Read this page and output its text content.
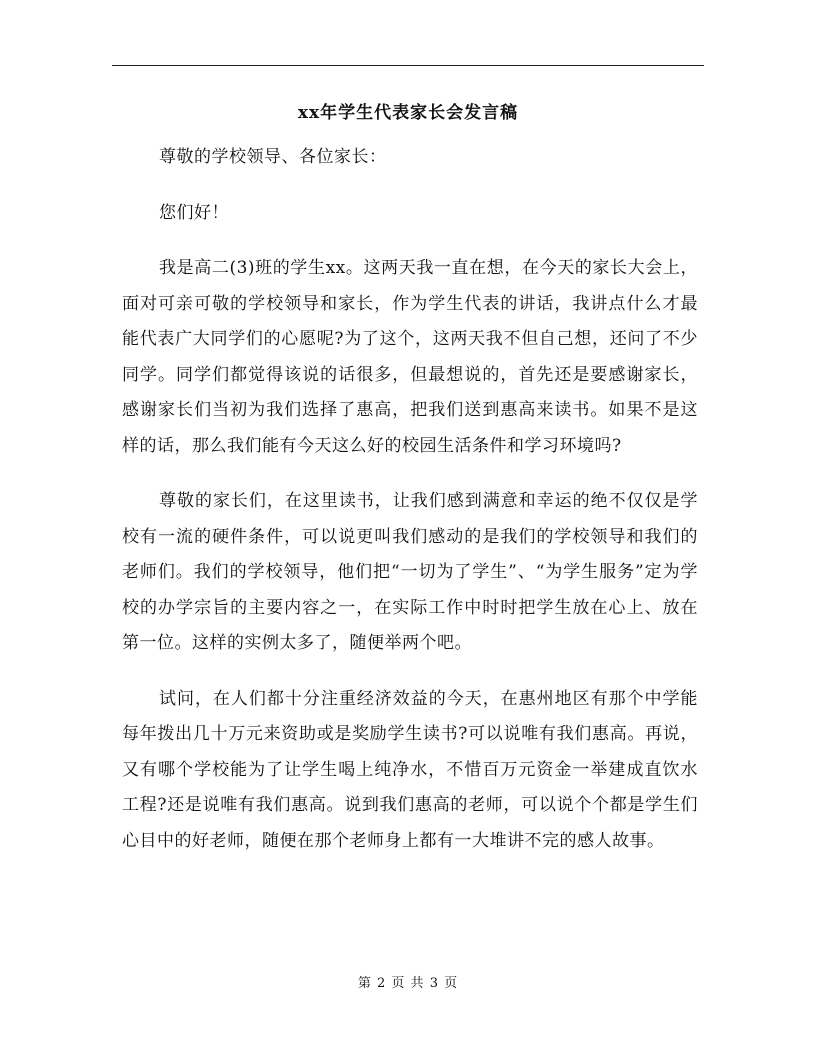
xx年学生代表家长会发言稿

尊敬的学校领导、各位家长：

您们好！

我是高二(3)班的学生xx。这两天我一直在想，在今天的家长大会上，面对可亲可敬的学校领导和家长，作为学生代表的讲话，我讲点什么才最能代表广大同学们的心愿呢?为了这个，这两天我不但自己想，还问了不少同学。同学们都觉得该说的话很多，但最想说的，首先还是要感谢家长，感谢家长们当初为我们选择了惠高，把我们送到惠高来读书。如果不是这样的话，那么我们能有今天这么好的校园生活条件和学习环境吗?

尊敬的家长们，在这里读书，让我们感到满意和幸运的绝不仅仅是学校有一流的硬件条件，可以说更叫我们感动的是我们的学校领导和我们的老师们。我们的学校领导，他们把“一切为了学生”、“为学生服务”定为学校的办学宗旨的主要内容之一，在实际工作中时时把学生放在心上、放在第一位。这样的实例太多了，随便举两个吧。

试问，在人们都十分注重经济效益的今天，在惠州地区有那个中学能每年拨出几十万元来资助或是奖励学生读书?可以说唯有我们惠高。再说，又有哪个学校能为了让学生喝上纯净水，不惜百万元资金一举建成直饮水工程?还是说唯有我们惠高。说到我们惠高的老师，可以说个个都是学生们心目中的好老师，随便在那个老师身上都有一大堆讲不完的感人故事。

第 2 页 共 3 页
